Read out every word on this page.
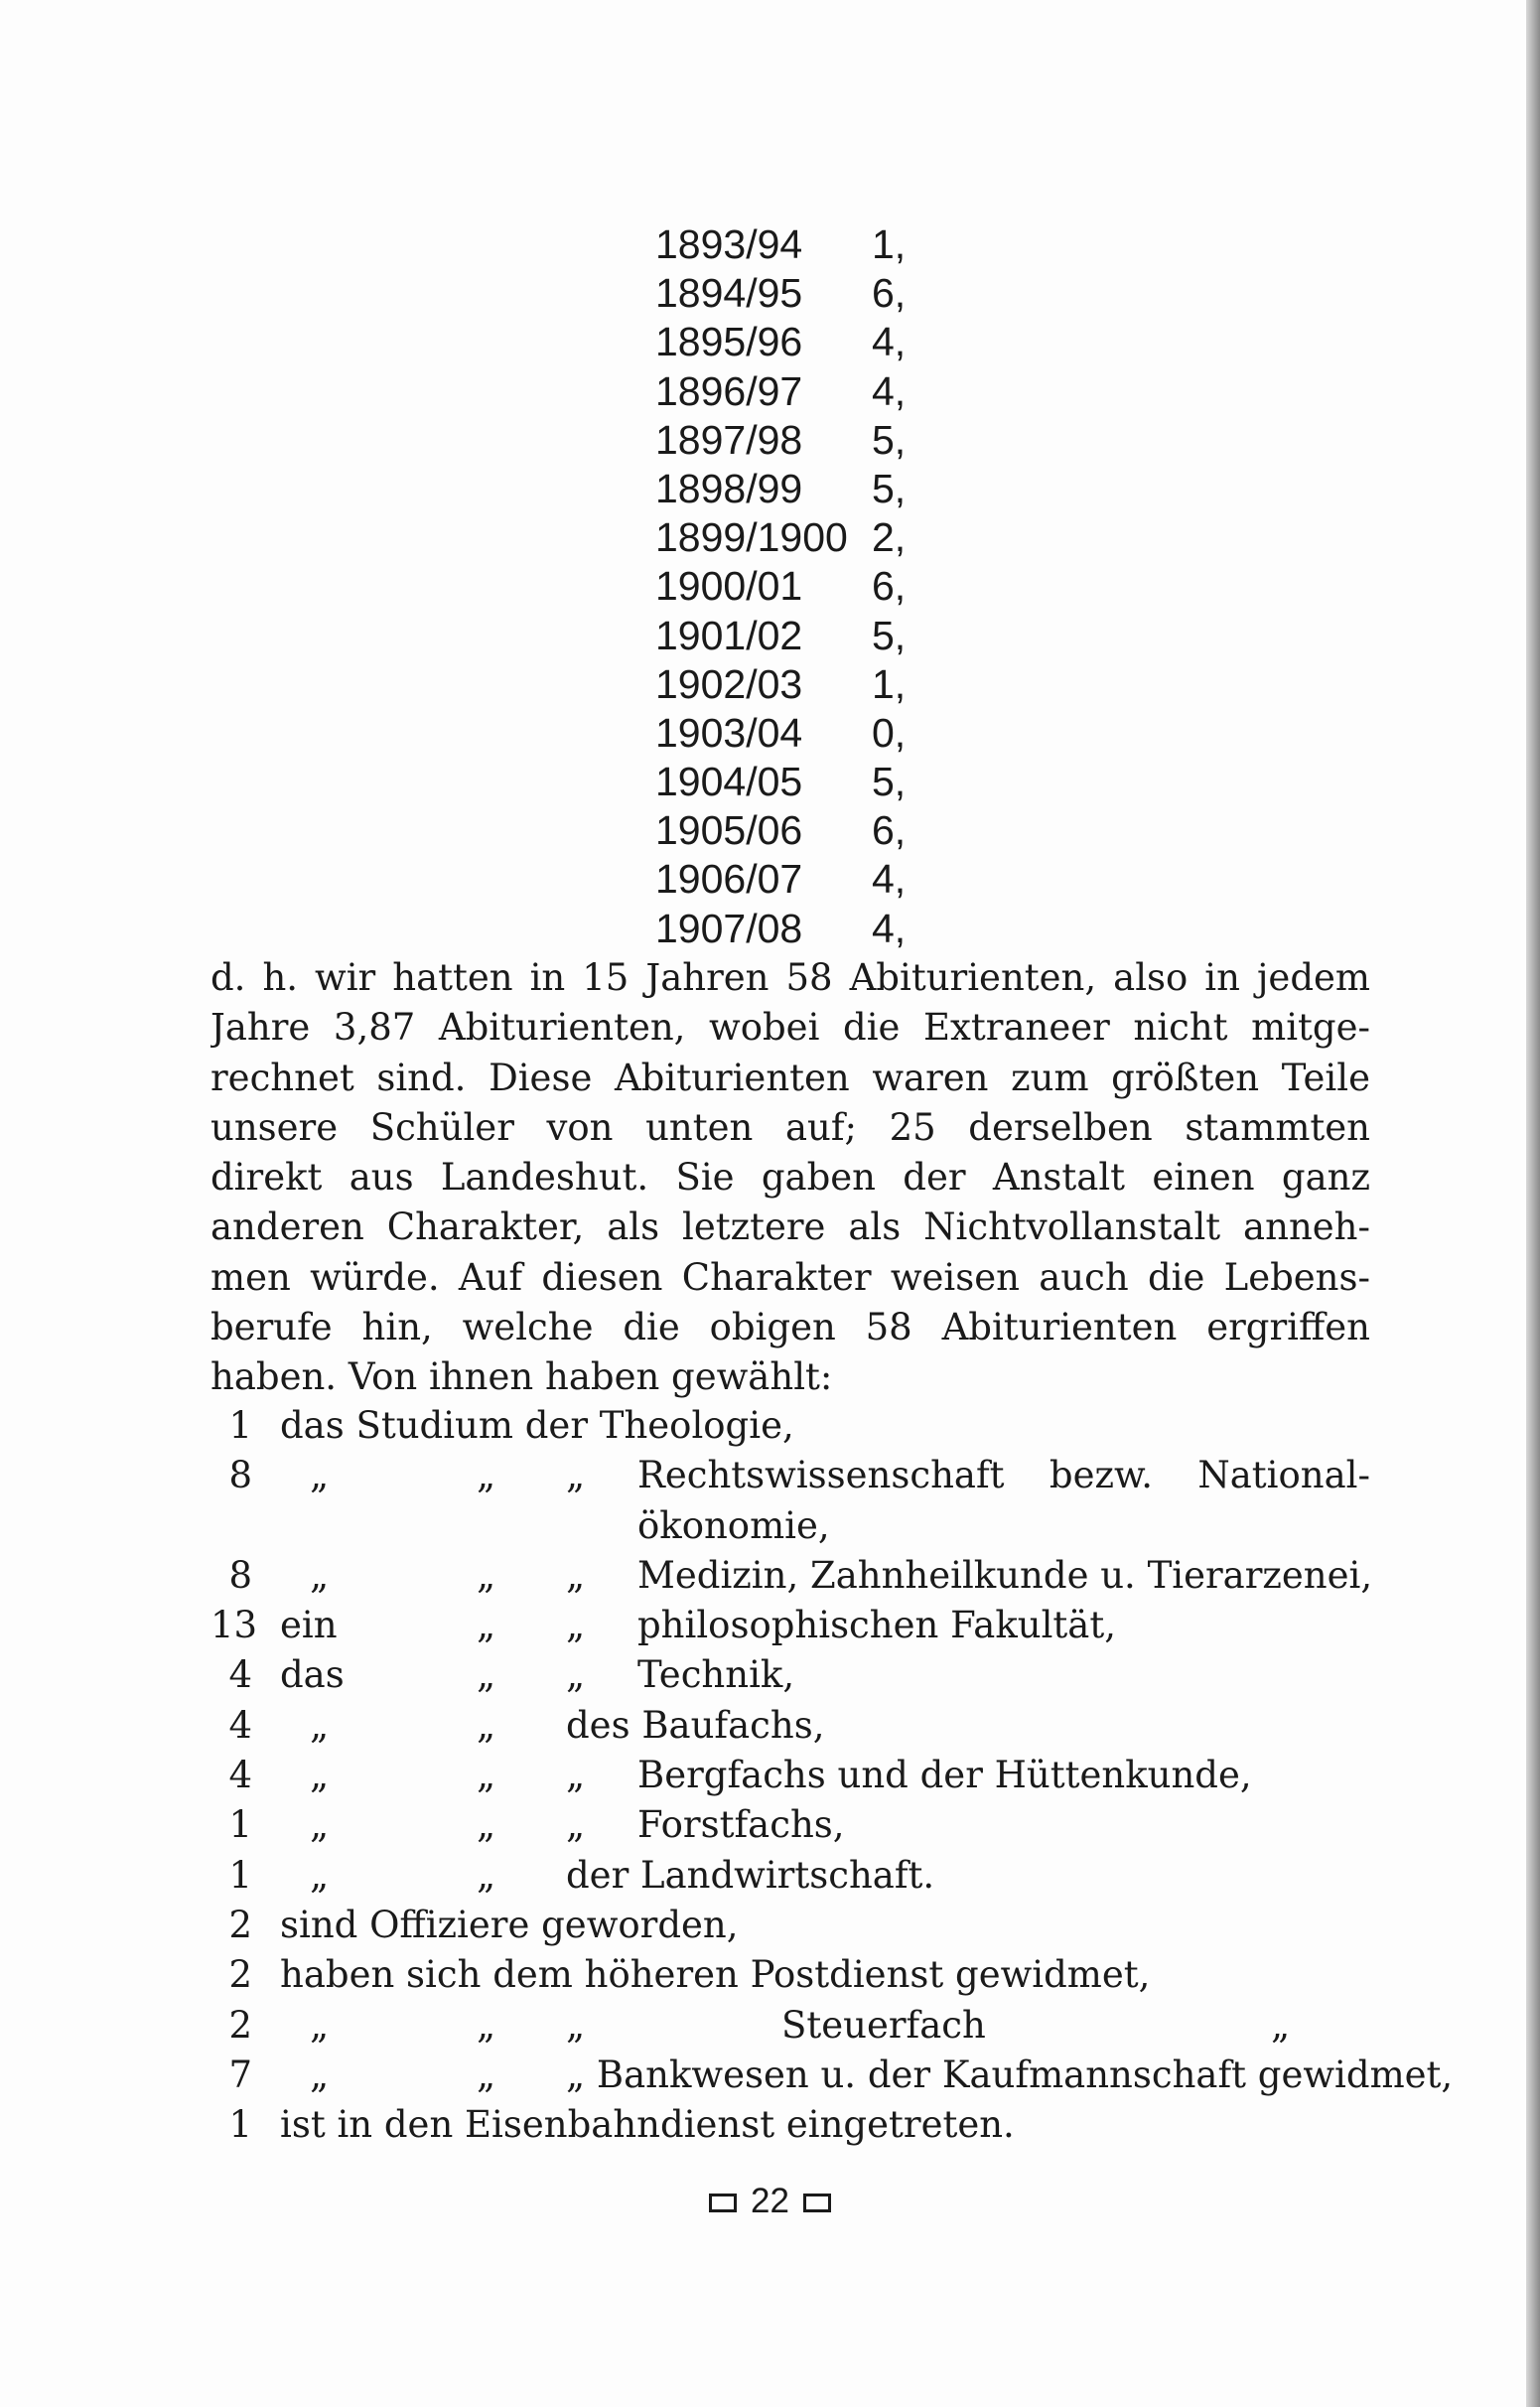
1893/94	1,
1894/95	6,
1895/96	4,
1896/97	4,
1897/98	5,
1898/99	5,
1899/1900 2,
1900/01	6,
1901/02	5,
1902/03	1,
1903/04	0,
1904/05	5,
1905/06	6,
1906/07	4,
1907/08	4,
d. h. wir hatten in 15 Jahren 58 Abiturienten, also in jedem
Jahre 3,87 Abiturienten, wobei die Extraneer nicht mitge-
rechnet sind. Diese Abiturienten waren zum größten Teile
unsere Schüler von unten auf; 25 derselben stammten
direkt aus Landeshut. Sie gaben der Anstalt einen ganz
anderen Charakter, als letztere als Nichtvollanstalt anneh-
men würde. Auf diesen Charakter weisen auch die Lebens-
berufe hin, welche die obigen 58 Abiturienten ergriffen
haben. Von ihnen haben gewählt:
1 das Studium der Theologie,
8 „	„ „ Rechtswissenschaft bezw. National-
ökonomie,
8 „	„ „ Medizin, Zahnheilkunde u. Tierarzenei,
13 ein	„ „ philosophischen Fakultät,
4 das	„ „ Technik,
4 „	„ des Baufachs,
4 „	„ „ Bergfachs und der Hüttenkunde,
1 „	„ „ Forstfachs,
1 „	„ der Landwirtschaft.
2 sind Offiziere geworden,
2 haben sich dem höheren Postdienst gewidmet,
2 „	„ „	Steuerfach	„
7 „	„ „ Bankwesen u. der Kaufmannschaft gewidmet,
1 ist in den Eisenbahndienst eingetreten.
22
